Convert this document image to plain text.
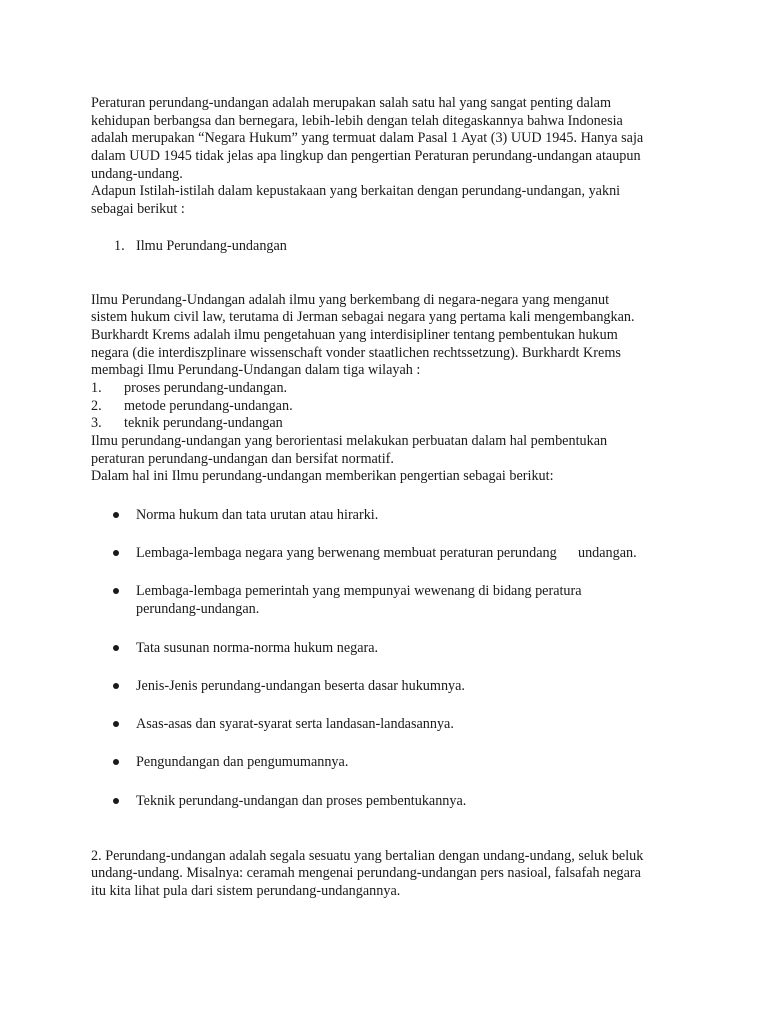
Peraturan perundang-undangan adalah merupakan salah satu hal yang sangat penting dalam
kehidupan berbangsa dan bernegara, lebih-lebih dengan telah ditegaskannya bahwa Indonesia
adalah merupakan “Negara Hukum” yang termuat dalam Pasal 1 Ayat (3) UUD 1945. Hanya saja
dalam UUD 1945 tidak jelas apa lingkup dan pengertian Peraturan perundang-undangan ataupun
undang-undang.
Adapun Istilah-istilah dalam kepustakaan yang berkaitan dengan perundang-undangan, yakni
sebagai berikut :
1. Ilmu Perundang-undangan
Ilmu Perundang-Undangan adalah ilmu yang berkembang di negara-negara yang menganut
sistem hukum civil law, terutama di Jerman sebagai negara yang pertama kali mengembangkan.
Burkhardt Krems adalah ilmu pengetahuan yang interdisipliner tentang pembentukan hukum
negara (die interdiszplinare wissenschaft vonder staatlichen rechtssetzung). Burkhardt Krems
membagi Ilmu Perundang-Undangan dalam tiga wilayah :
1. proses perundang-undangan.
2. metode perundang-undangan.
3. teknik perundang-undangan
Ilmu perundang-undangan yang berorientasi melakukan perbuatan dalam hal pembentukan
peraturan perundang-undangan dan bersifat normatif.
Dalam hal ini Ilmu perundang-undangan memberikan pengertian sebagai berikut:
Norma hukum dan tata urutan atau hirarki.
Lembaga-lembaga negara yang berwenang membuat peraturan perundang      undangan.
Lembaga-lembaga pemerintah yang mempunyai wewenang di bidang peratura
perundang-undangan.
Tata susunan norma-norma hukum negara.
Jenis-Jenis perundang-undangan beserta dasar hukumnya.
Asas-asas dan syarat-syarat serta landasan-landasannya.
Pengundangan dan pengumumannya.
Teknik perundang-undangan dan proses pembentukannya.
2. Perundang-undangan adalah segala sesuatu yang bertalian dengan undang-undang, seluk beluk
undang-undang. Misalnya: ceramah mengenai perundang-undangan pers nasioal, falsafah negara
itu kita lihat pula dari sistem perundang-undangannya.
